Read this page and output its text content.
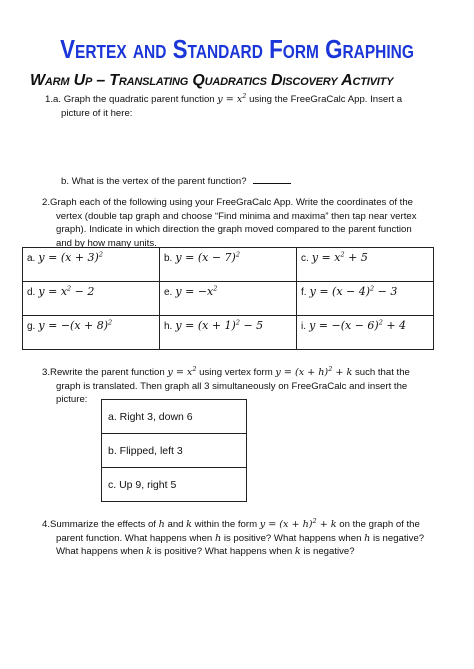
Vertex and Standard Form Graphing
Warm Up – Translating Quadratics Discovery Activity
1.a. Graph the quadratic parent function $y = x^2$ using the FreeGraCalc App. Insert a
picture of it here:
b. What is the vertex of the parent function?
2.Graph each of the following using your FreeGraCalc App. Write the coordinates of the
vertex (double tap graph and choose “Find minima and maxima” then tap near vertex
graph). Indicate in which direction the graph moved compared to the parent function
and by how many units.
a. $y = (x + 3)^2$	b. $y = (x - 7)^2$	c. $y = x^2 + 5$
d. $y = x^2 - 2$	e. $y = -x^2$	f. $y = (x - 4)^2 - 3$
g. $y = -(x + 8)^2$	h. $y = (x + 1)^2 - 5$	i. $y = -(x - 6)^2 + 4$
3.Rewrite the parent function $y = x^2$ using vertex form $y = (x + h)^2 + k$ such that the
graph is translated. Then graph all 3 simultaneously on FreeGraCalc and insert the
picture:
a. Right 3, down 6
b. Flipped, left 3
c. Up 9, right 5
4.Summarize the effects of h and k within the form $y = (x + h)^2 + k$ on the graph of the
parent function. What happens when h is positive? What happens when h is negative?
What happens when k is positive? What happens when k is negative?
